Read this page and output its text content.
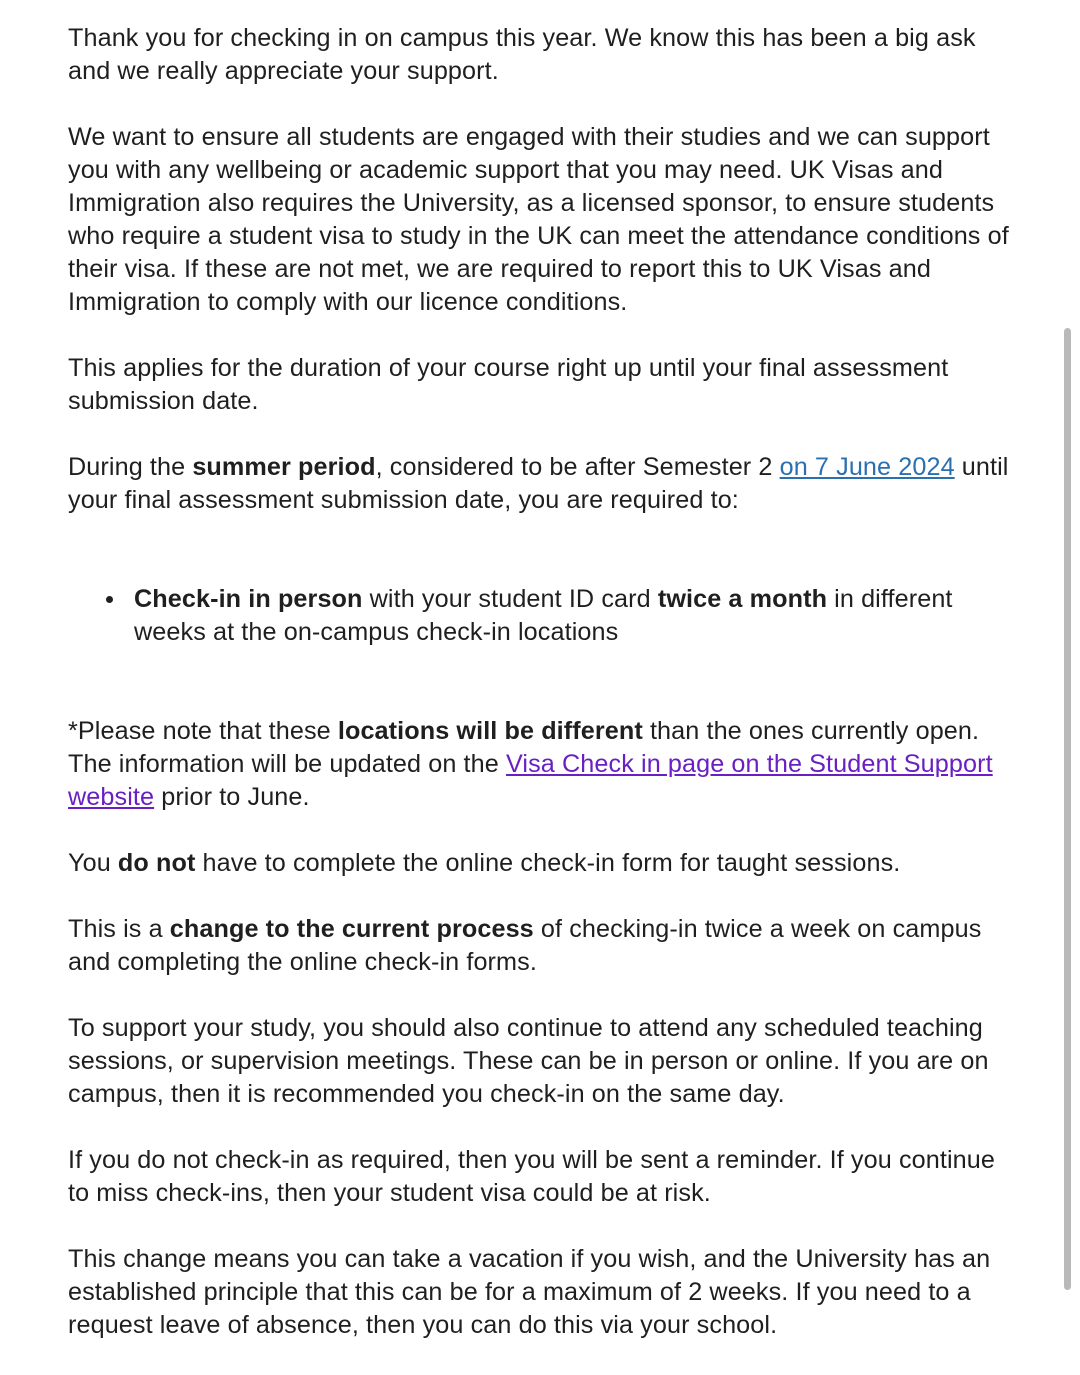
Thank you for checking in on campus this year. We know this has been a big ask and we really appreciate your support.

We want to ensure all students are engaged with their studies and we can support you with any wellbeing or academic support that you may need. UK Visas and Immigration also requires the University, as a licensed sponsor, to ensure students who require a student visa to study in the UK can meet the attendance conditions of their visa. If these are not met, we are required to report this to UK Visas and Immigration to comply with our licence conditions.

This applies for the duration of your course right up until your final assessment submission date.

During the summer period, considered to be after Semester 2 on 7 June 2024 until your final assessment submission date, you are required to:

Check-in in person with your student ID card twice a month in different weeks at the on-campus check-in locations

*Please note that these locations will be different than the ones currently open. The information will be updated on the Visa Check in page on the Student Support website prior to June.

You do not have to complete the online check-in form for taught sessions.

This is a change to the current process of checking-in twice a week on campus and completing the online check-in forms.

To support your study, you should also continue to attend any scheduled teaching sessions, or supervision meetings. These can be in person or online. If you are on campus, then it is recommended you check-in on the same day.

If you do not check-in as required, then you will be sent a reminder. If you continue to miss check-ins, then your student visa could be at risk.

This change means you can take a vacation if you wish, and the University has an established principle that this can be for a maximum of 2 weeks. If you need to a request leave of absence, then you can do this via your school.
